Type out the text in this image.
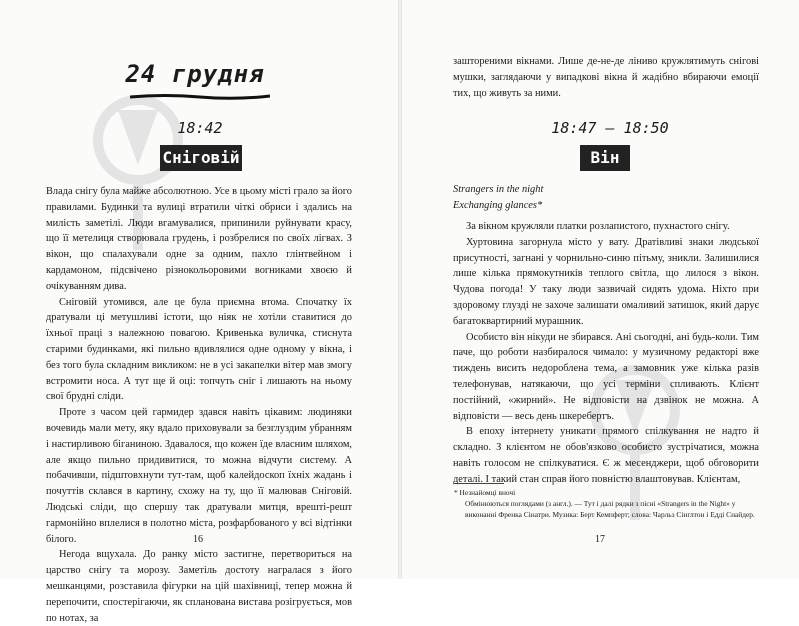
24 грудня
18:42
Сніговій

Влада снігу була майже абсолютною. Усе в цьому місті грало за його правилами. Будинки та вулиці втратили чіткі обриси і здались на милість заметілі. Люди вгамувалися, припинили руйнувати красу, що її метелиця створювала грудень, і розбрелися по своїх лігвах. З вікон, що спалахували одне за одним, пахло глінтвейном і кардамоном, підсвічено різнокольоровими вогниками хвоєю й очікуванням дива.

Сніговій утомився, але це була приємна втома. Спочатку їх дратували ці метушливі істоти, що ніяк не хотіли ставитися до їхньої праці з належною повагою. Кривенька вуличка, стиснута старими будинками, які пильно вдивлялися одне одному у вікна, і без того була складним викликом: не в усі закапелки вітер мав змогу встромити носа. А тут ще й оці: топчуть сніг і лишають на ньому свої брудні сліди.

Проте з часом цей гармидер здався навіть цікавим: людиняки вочевидь мали мету, яку вдало приховували за безглуздим убранням і настирливою біганиною. Здавалося, що кожен їде власним шляхом, але якщо пильно придивитися, то можна відчути систему. А побачивши, підштовхнути тут-там, щоб калейдоскоп їхніх жадань і почуттів склався в картину, схожу на ту, що її малював Сніговій. Людські сліди, що спершу так дратували митця, врешті-решт гармонійно вплелися в полотно міста, розфарбованого у всі відтінки білого.

Негода вщухала. До ранку місто застигне, перетвориться на царство снігу та морозу. Заметіль достоту награлася з його мешканцями, розставила фігурки на цій шахівниці, тепер можна й перепочити, спостерігаючи, як спланована вистава розігрується, мов по нотах, за

16

заштореними вікнами. Лише де-не-де ліниво кружлятимуть снігові мушки, заглядаючи у випадкові вікна й жадібно вбираючи емоції тих, що живуть за ними.

18:47 – 18:50
Він
Strangers in the night
Exchanging glances*

За вікном кружляли платки розлапистого, пухнастого снігу.

Хуртовина загорнула місто у вату. Дратівливі знаки людської присутності, загнані у чорнильно-синю пітьму, зникли. Залишилися лише кілька прямокутників теплого світла, що лилося з вікон. Чудова погода! У таку люди зазвичай сидять удома. Ніхто при здоровому глузді не захоче залишати омаливий затишок, який дарує багатоквартирний мурашник.

Особисто він нікуди не збирався. Ані сьогодні, ані будь-коли. Тим паче, що роботи назбиралося чимало: у музичному редакторі вже тиждень висить недороблена тема, а замовник уже кілька разів телефонував, натякаючи, що усі терміни спливають. Клієнт постійний, «жирний». Не відповісти на дзвінок не можна. А відповісти — весь день шкеребертъ.

В епоху інтернету уникати прямого спілкування не надто й складно. З клієнтом не обов'язково особисто зустрічатися, можна навіть голосом не спілкуватися. Є ж месенджери, щоб обговорити деталі. І такий стан справ його повністю влаштовував. Клієнтам,

* Незнайомці вночі

Обмінюються поглядами (з англ.). — Тут і далі рядки з пісні «Strangers in the Night» у виконанні Френка Сінатри. Музика: Берт Кемпферт; слова: Чарльз Сінглтон і Едді Снайдер.

17
